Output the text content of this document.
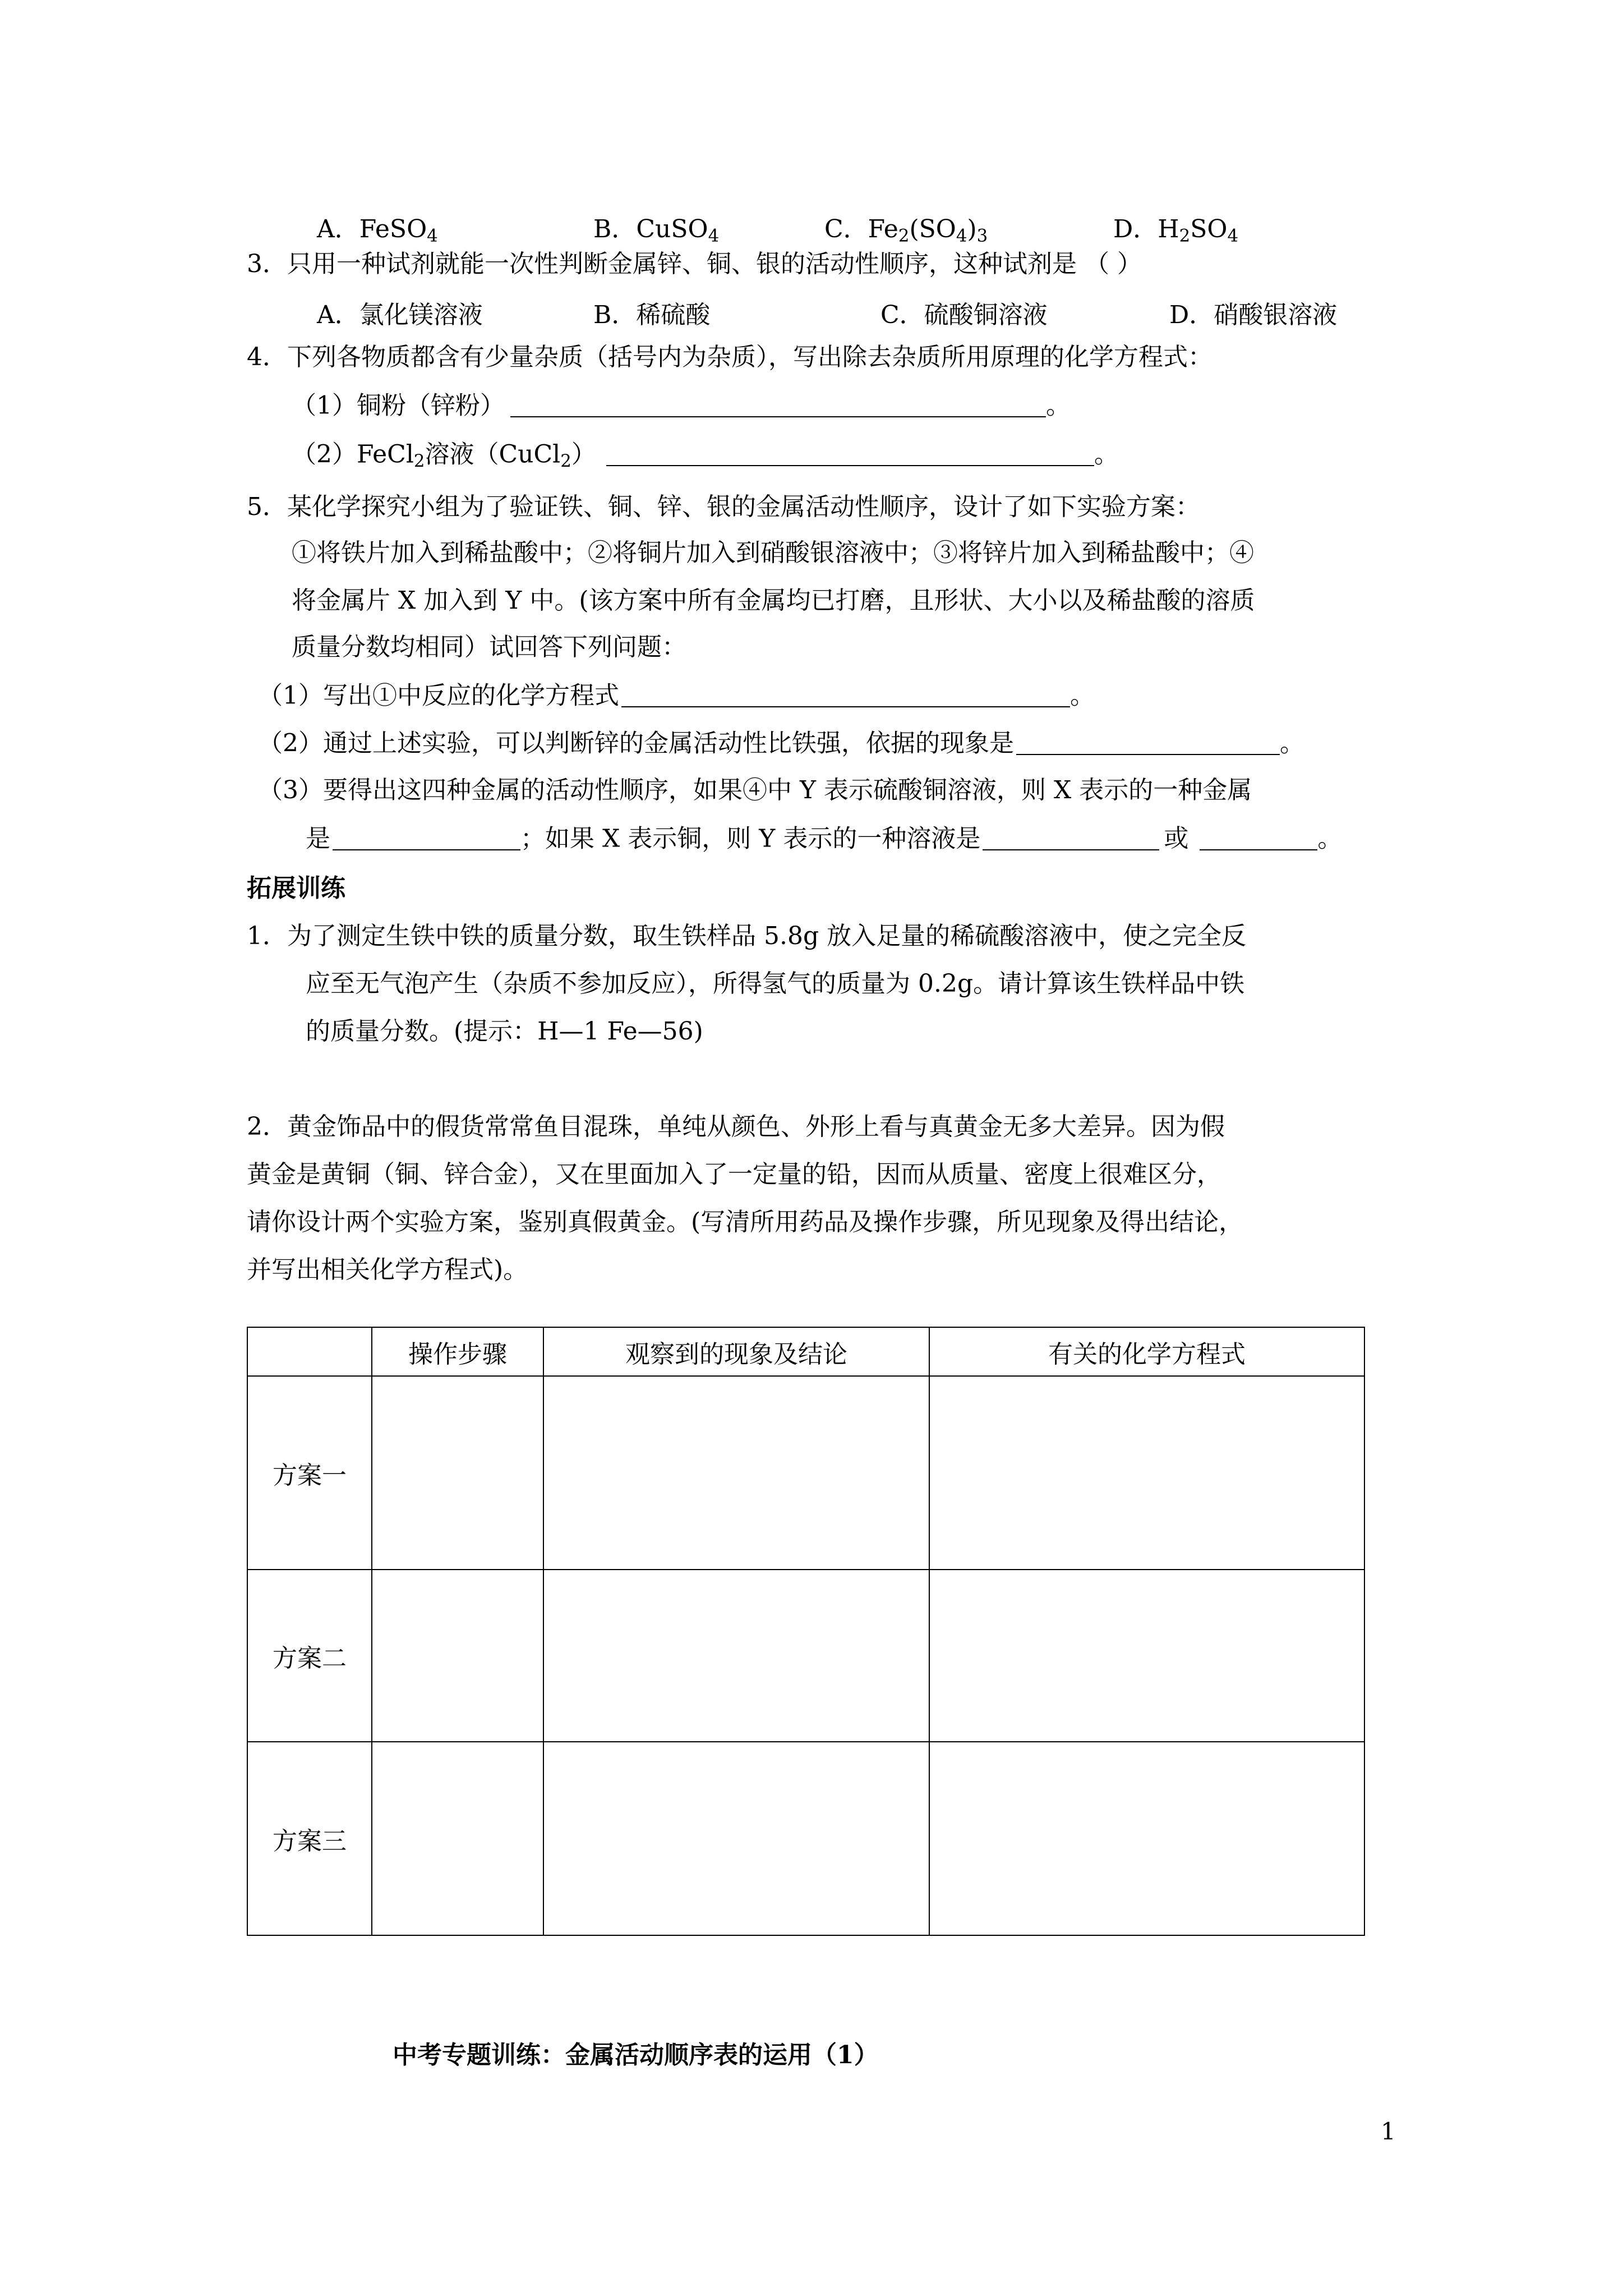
A．FeSO$_4$	B．CuSO$_4$	C．$Fe_2(SO_4)_3$	D．$H_2SO_4$
3．只用一种试剂就能一次性判断金属锌、铜、银的活动性顺序，这种试剂是 （ ）
A．氯化镁溶液	B．稀硫酸	C．硫酸铜溶液	D．硝酸银溶液
4．下列各物质都含有少量杂质（括号内为杂质），写出除去杂质所用原理的化学方程式：
（1）铜粉（锌粉）	。
（2）FeCl$_2$溶液（CuCl$_2$）	。
5．某化学探究小组为了验证铁、铜、锌、银的金属活动性顺序，设计了如下实验方案：
①将铁片加入到稀盐酸中；②将铜片加入到硝酸银溶液中；③将锌片加入到稀盐酸中；④
将金属片 X 加入到 Y 中。(该方案中所有金属均已打磨，且形状、大小以及稀盐酸的溶质
质量分数均相同）试回答下列问题：
（1）写出①中反应的化学方程式	。
（2）通过上述实验，可以判断锌的金属活动性比铁强，依据的现象是	。
（3）要得出这四种金属的活动性顺序，如果④中 Y 表示硫酸铜溶液，则 X 表示的一种金属
是	；如果 X 表示铜，则 Y 表示的一种溶液是	或	。
拓展训练
1．为了测定生铁中铁的质量分数，取生铁样品 5.8g 放入足量的稀硫酸溶液中，使之完全反
应至无气泡产生（杂质不参加反应），所得氢气的质量为 0.2g。请计算该生铁样品中铁
的质量分数。(提示：H—1 Fe—56)
2．黄金饰品中的假货常常鱼目混珠，单纯从颜色、外形上看与真黄金无多大差异。因为假
黄金是黄铜（铜、锌合金），又在里面加入了一定量的铅，因而从质量、密度上很难区分，
请你设计两个实验方案，鉴别真假黄金。(写清所用药品及操作步骤，所见现象及得出结论，
并写出相关化学方程式)。
	操作步骤	观察到的现象及结论	有关的化学方程式
方案一			
方案二			
方案三			
中考专题训练：金属活动顺序表的运用（1）
1
